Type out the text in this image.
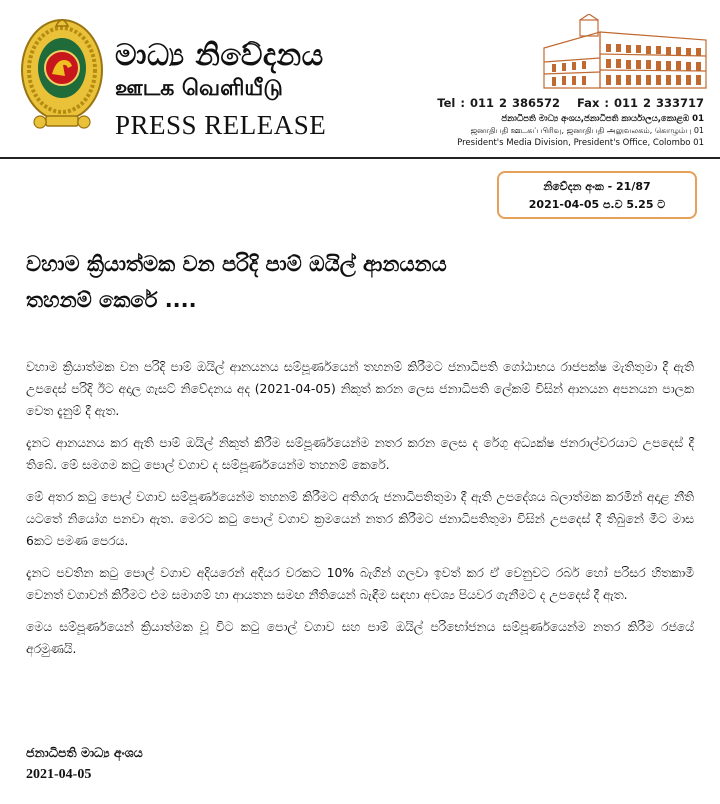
මාධ්‍ය නිවේදනය
ஊடக வெளியீடு
PRESS RELEASE
Tel : 011 2 386572 Fax : 011 2 333717
ජනාධිපති මාධ්‍ය අංශය,ජනාධිපති කාර්යාලය,කොළඹ 01
ஜனாதிபதி ஊடகப் பிரிவு, ஜனாதிபதி அலுவலகம், கொழும்பு 01
President's Media Division, President's Office, Colombo 01
නිවේදන අංක - 21/87
2021-04-05 ප.ව 5.25 ට
වහාම ක්‍රියාත්මක වන පරිදි පාම් ඔයිල් ආනයනය
තහනම් කෙරේ ....

වහාම ක්‍රියාත්මක වන පරිදි පාම් ඔයිල් ආනයනය සම්පූර්ණයෙන් තහනම් කිරීමට ජනාධිපති ගෝඨාභය රාජපක්ෂ මැතිතුමා දී ඇති උපදෙස් පරිදි ඊට අදාල ගැසට් නිවේදනය අද (2021-04-05) නිකුත් කරන ලෙස ජනාධිපති ලේකම් විසින් ආනයන අපනයන පාලක වෙත දැනුම් දී ඇත.

දැනට ආනයනය කර ඇති පාම් ඔයිල් නිකුත් කිරීම සම්පූර්ණයෙන්ම නතර කරන ලෙස ද රේගු අධ්‍යක්ෂ ජනරාල්වරයාට උපදෙස් දී තිබේ. මේ සමගම කටු පොල් වගාව ද සම්පූර්ණයෙන්ම තහනම් කෙරේ.

මේ අතර කටු පොල් වගාව සම්පූර්ණයෙන්ම තහනම් කිරීමට අතිගරු ජනාධිපතිතුමා දී ඇති උපදේශය බලාත්මක කරමින් අදාළ නීති යටතේ නියෝග පනවා ඇත. මෙරට කටු පොල් වගාව ක්‍රමයෙන් නතර කිරීමට ජනාධිපතිතුමා විසින් උපදෙස් දී තිබුනේ මීට මාස 6කට පමණ පෙරය.

දැනට පවතින කටු පොල් වගාව අදියරෙන් අදියර වරකට 10% බැගින් ගලවා ඉවත් කර ඒ වෙනුවට රබර් හෝ පරිසර හිතකාමී වෙනත් වගාවන් කිරීමට එම සමාගම් හා ආයතන සමඟ නීතියෙන් බැඳීම සඳහා අවශ්‍ය පියවර ගැනීමට ද උපදෙස් දී ඇත.

මෙය සම්පූර්ණයෙන් ක්‍රියාත්මක වූ විට කටු පොල් වගාව සහ පාම් ඔයිල් පරිභෝජනය සම්පූර්ණයෙන්ම නතර කිරීම රජයේ අරමුණයි.

ජනාධිපති මාධ්‍ය අංශය
2021-04-05
